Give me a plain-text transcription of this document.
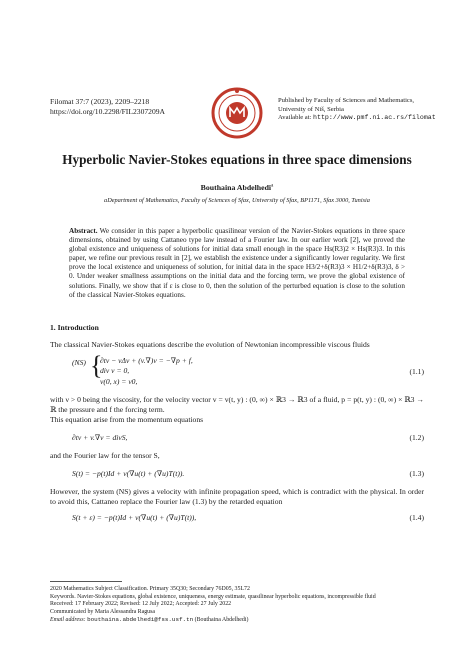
Filomat 37:7 (2023), 2209–2218
https://doi.org/10.2298/FIL2307209A
Published by Faculty of Sciences and Mathematics,
University of Niš, Serbia
Available at: http://www.pmf.ni.ac.rs/filomat
Hyperbolic Navier-Stokes equations in three space dimensions
Bouthaina Abdelhedi$^a$
aDepartment of Mathematics, Faculty of Sciences of Sfax, University of Sfax, BP1171, Sfax 3000, Tunisia
Abstract. We consider in this paper a hyperbolic quasilinear version of the Navier-Stokes equations in three space dimensions, obtained by using Cattaneo type law instead of a Fourier law. In our earlier work [2], we proved the global existence and uniqueness of solutions for initial data small enough in the space Hs(R3)2 × Hs(R3)3. In this paper, we refine our previous result in [2], we establish the existence under a significantly lower regularity. We first prove the local existence and uniqueness of solution, for initial data in the space H3/2+δ(R3)3 × H1/2+δ(R3)3, δ > 0. Under weaker smallness assumptions on the initial data and the forcing term, we prove the global existence of solutions. Finally, we show that if ε is close to 0, then the solution of the perturbed equation is close to the solution of the classical Navier-Stokes equations.
1. Introduction
The classical Navier-Stokes equations describe the evolution of Newtonian incompressible viscous fluids
(NS) {
∂tv − νΔv + (v.∇)v = −∇p + f,
div v = 0,
v(0, x) = v0,
(1.1)
with ν > 0 being the viscosity, for the velocity vector v = v(t, y) : (0, ∞) × ℝ3 → ℝ3 of a fluid, p = p(t, y) : (0, ∞) × ℝ3 → ℝ the pressure and f the forcing term.
This equation arise from the momentum equations
∂tv + v.∇v = divS,	(1.2)
and the Fourier law for the tensor S,
S(t) = −p(t)Id + ν(∇u(t) + (∇u)T(t)).	(1.3)
However, the system (NS) gives a velocity with infinite propagation speed, which is contradict with the physical. In order to avoid this, Cattaneo replace the Fourier law (1.3) by the retarded equation
S(t + ε) = −p(t)Id + ν(∇u(t) + (∇u)T(t)),	(1.4)
2020 Mathematics Subject Classification. Primary 35Q30; Secondary 76D05, 35L72
Keywords. Navier-Stokes equations, global existence, uniqueness, energy estimate, quasilinear hyperbolic equations, incompressible fluid
Received: 17 February 2022; Revised: 12 July 2022; Accepted: 27 July 2022
Communicated by Maria Alessandra Ragusa
Email address: bouthaina.abdelhedi@fss.usf.tn (Bouthaina Abdelhedi)
